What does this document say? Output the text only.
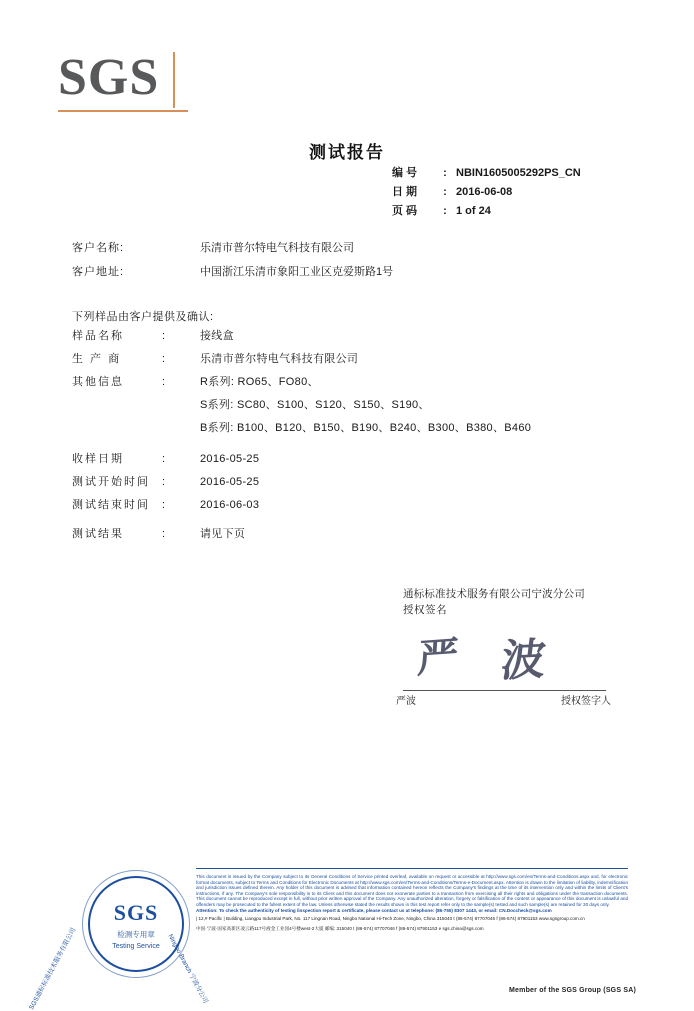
SGS
测试报告
编号	: NBIN1605005292PS_CN
日期	: 2016-06-08
页码	: 1 of 24
客户名称:	乐清市普尔特电气科技有限公司
客户地址:	中国浙江乐清市象阳工业区克爱斯路1号
下列样品由客户提供及确认:
样品名称	:	接线盒
生 产 商	:	乐清市普尔特电气科技有限公司
其他信息	:	R系列: RO65、FO80、
S系列: SC80、S100、S120、S150、S190、
B系列: B100、B120、B150、B190、B240、B300、B380、B460
收样日期	:	2016-05-25
测试开始时间	:	2016-05-25
测试结束时间	:	2016-06-03
测试结果	:	请见下页
通标标准技术服务有限公司宁波分公司
授权签名
严 波
严波	授权签字人
SGS
检测专用章
Testing Service
SGS通标标准技术服务有限公司	Ningbo Branch 宁波分公司
This document is issued by the Company subject to its General Conditions of Service printed overleaf, available on request or accessible at http://www.sgs.com/en/Terms-and-Conditions.aspx and, for electronic format documents, subject to Terms and Conditions for Electronic Documents at http://www.sgs.com/en/Terms-and-Conditions/Terms-e-Document.aspx. Attention is drawn to the limitation of liability, indemnification and jurisdiction issues defined therein. Any holder of this document is advised that information contained hereon reflects the Company's findings at the time of its intervention only and within the limits of Client's instructions, if any. The Company's sole responsibility is to its Client and this document does not exonerate parties to a transaction from exercising all their rights and obligations under the transaction documents. This document cannot be reproduced except in full, without prior written approval of the Company. Any unauthorized alteration, forgery or falsification of the content or appearance of this document is unlawful and offenders may be prosecuted to the fullest extent of the law. Unless otherwise stated the results shown in this test report refer only to the sample(s) tested and such sample(s) are retained for 30 days only.
Attention: To check the authenticity of testing /inspection report & certificate, please contact us at telephone: (86-755) 8307 1443, or email: CN.Doccheck@sgs.com
| 12,# Pacific | Building, Liangpu Industrial Park, No. 117 Lingnan Road, Ningbo National Hi-Tech Zone, Ningbo, China 315040 t (86-574) 87707046 f (86-574) 87901153 www.sgsgroup.com.cn
中国·宁波·国家高新区凌云路117号液金工业园4号楼west-2大厦 邮编: 315040 t (86-574) 87707046 f (86-574) 87901153 e sgs.china@sgs.com
Member of the SGS Group (SGS SA)
